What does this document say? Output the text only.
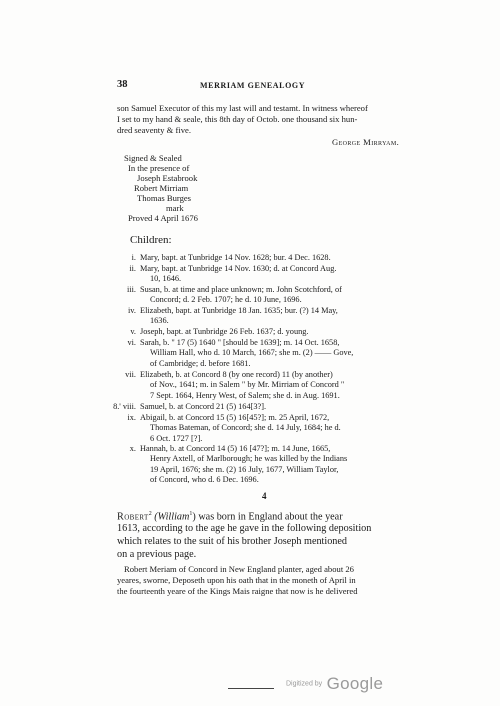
38	MERRIAM GENEALOGY
son Samuel Executor of this my last will and testamt. In witness whereof
I set to my hand & seale, this 8th day of Octob. one thousand six hun-
dred seaventy & five.
George Mirryam.
Signed & Sealed
In the presence of
Joseph Estabrook
Robert Mirriam
Thomas Burges
mark
Proved 4 April 1676
Children:
i. Mary, bapt. at Tunbridge 14 Nov. 1628; bur. 4 Dec. 1628.
ii. Mary, bapt. at Tunbridge 14 Nov. 1630; d. at Concord Aug.
10, 1646.
iii. Susan, b. at time and place unknown; m. John Scotchford, of
Concord; d. 2 Feb. 1707; he d. 10 June, 1696.
iv. Elizabeth, bapt. at Tunbridge 18 Jan. 1635; bur. (?) 14 May,
1636.
v. Joseph, bapt. at Tunbridge 26 Feb. 1637; d. young.
vi. Sarah, b. " 17 (5) 1640 " [should be 1639]; m. 14 Oct. 1658,
William Hall, who d. 10 March, 1667; she m. (2) —— Gove,
of Cambridge; d. before 1681.
vii. Elizabeth, b. at Concord 8 (by one record) 11 (by another)
of Nov., 1641; m. in Salem " by Mr. Mirriam of Concord "
7 Sept. 1664, Henry West, of Salem; she d. in Aug. 1691.
8.' viii. Samuel, b. at Concord 21 (5) 164[3?].
ix. Abigail, b. at Concord 15 (5) 16[45?]; m. 25 April, 1672,
Thomas Bateman, of Concord; she d. 14 July, 1684; he d.
6 Oct. 1727 [?].
x. Hannah, b. at Concord 14 (5) 16 [47?]; m. 14 June, 1665,
Henry Axtell, of Marlborough; he was killed by the Indians
19 April, 1676; she m. (2) 16 July, 1677, William Taylor,
of Concord, who d. 6 Dec. 1696.
4
Robert$^2$ (William$^1$) was born in England about the year
1613, according to the age he gave in the following deposition
which relates to the suit of his brother Joseph mentioned
on a previous page.
Robert Meriam of Concord in New England planter, aged about 26
yeares, sworne, Deposeth upon his oath that in the moneth of April in
the fourteenth yeare of the Kings Mais raigne that now is he delivered
Digitized by Google
